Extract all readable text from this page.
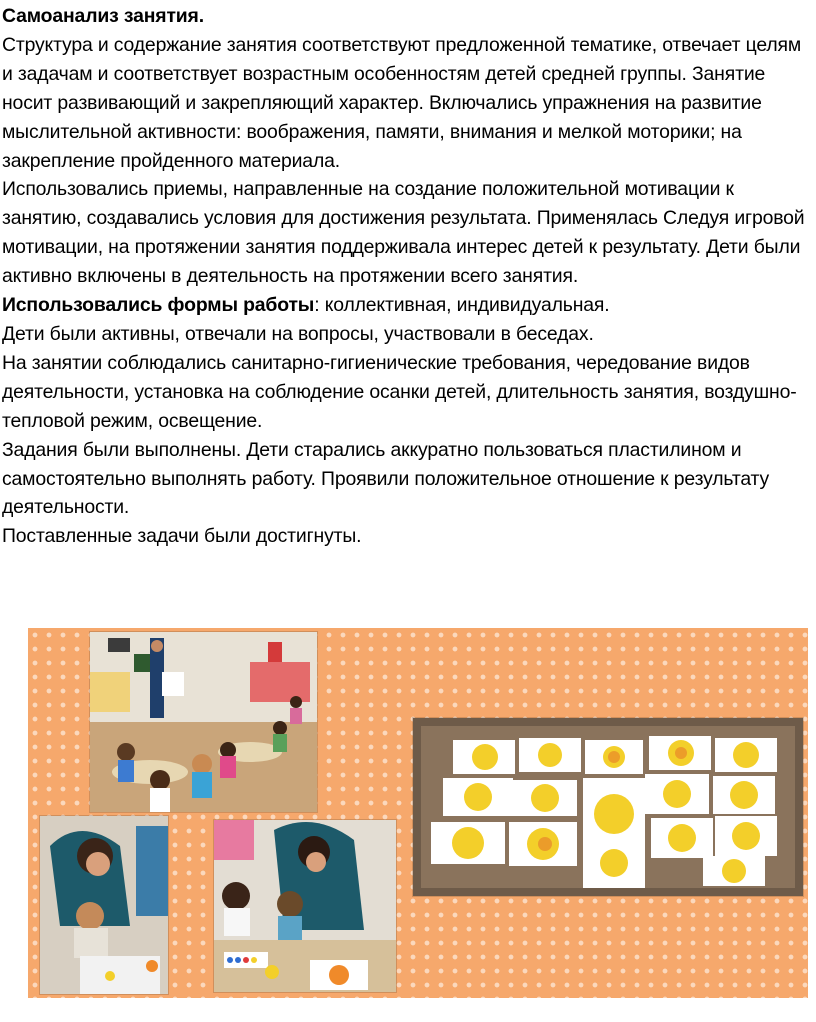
Самоанализ занятия.

Структура и содержание занятия соответствуют предложенной тематике, отвечает целям и задачам и соответствует возрастным особенностям детей средней группы. Занятие носит развивающий и закрепляющий характер. Включались упражнения на развитие мыслительной активности: воображения, памяти, внимания и мелкой моторики; на закрепление пройденного материала.

Использовались приемы, направленные на создание положительной мотивации к занятию, создавались условия для достижения результата. Применялась Следуя игровой мотивации, на протяжении занятия поддерживала интерес детей к результату. Дети были активно включены в деятельность на протяжении всего занятия.

Использовались формы работы: коллективная, индивидуальная.

Дети были активны, отвечали на вопросы, участвовали в беседах.

На занятии соблюдались санитарно-гигиенические требования, чередование видов деятельности, установка на соблюдение осанки детей, длительность занятия, воздушно- тепловой режим, освещение.

Задания были выполнены. Дети старались аккуратно пользоваться пластилином и самостоятельно выполнять работу. Проявили положительное отношение к результату деятельности.

Поставленные задачи были достигнуты.
